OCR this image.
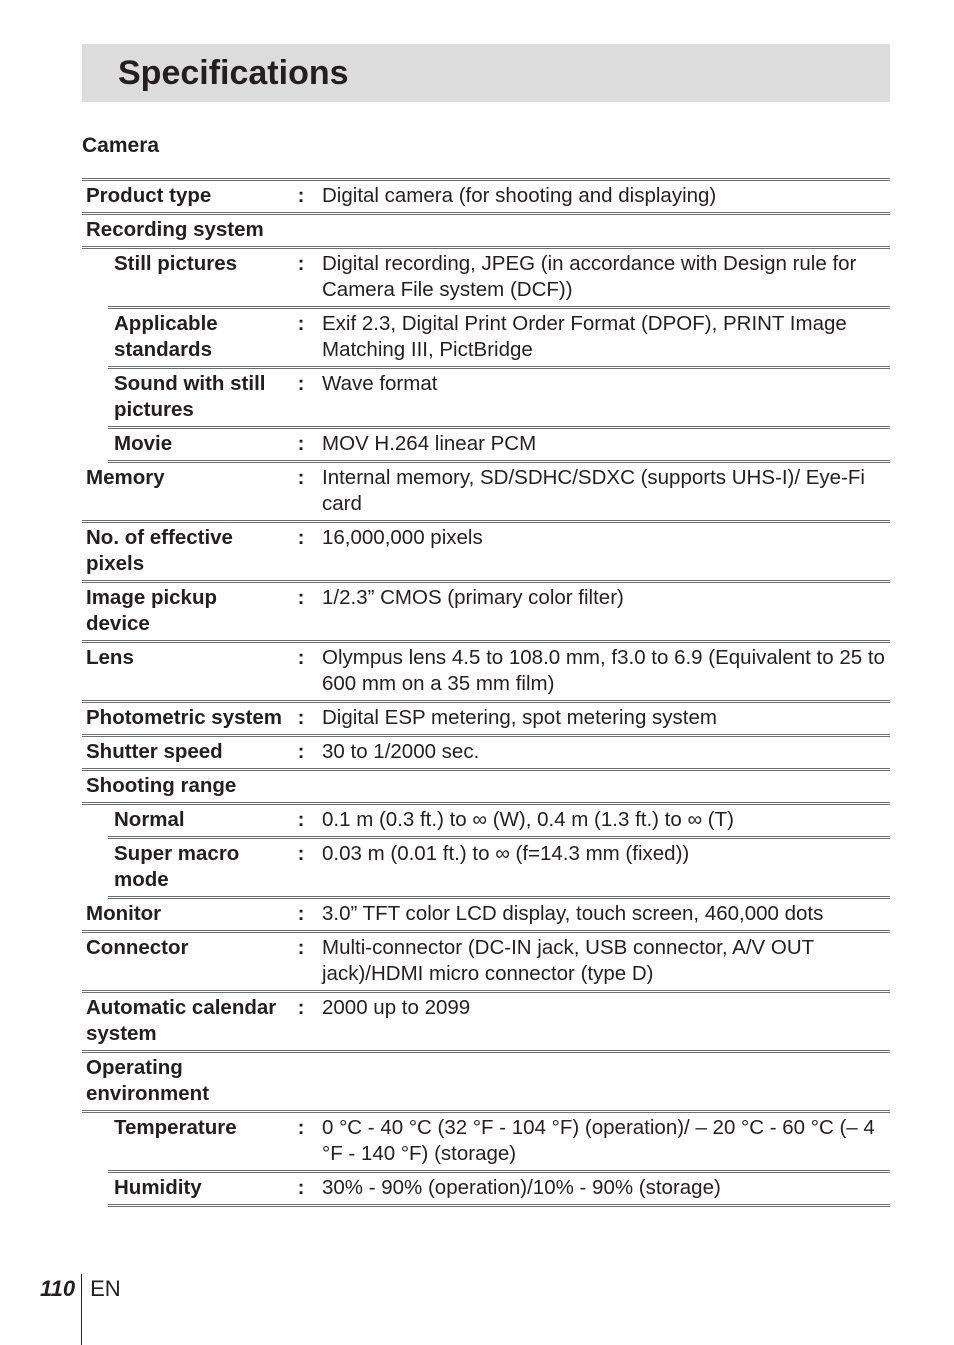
Specifications
Camera
Product type	: Digital camera (for shooting and displaying)
Recording system
Still pictures	: Digital recording, JPEG (in accordance with Design rule for Camera File system (DCF))
Applicable standards
: Exif 2.3, Digital Print Order Format (DPOF), PRINT Image Matching III, PictBridge
Sound with still pictures
: Wave format
Movie	: MOV H.264 linear PCM
Memory	: Internal memory, SD/SDHC/SDXC (supports UHS-I)/ Eye-Fi card
No. of effective pixels
: 16,000,000 pixels
Image pickup device
: 1/2.3” CMOS (primary color filter)
Lens	: Olympus lens 4.5 to 108.0 mm, f3.0 to 6.9 (Equivalent to 25 to 600 mm on a 35 mm film)
Photometric system : Digital ESP metering, spot metering system
Shutter speed	: 30 to 1/2000 sec.
Shooting range
Normal	: 0.1 m (0.3 ft.) to ∞ (W), 0.4 m (1.3 ft.) to ∞ (T)
Super macro mode
: 0.03 m (0.01 ft.) to ∞ (f=14.3 mm (fixed))
Monitor	: 3.0” TFT color LCD display, touch screen, 460,000 dots
Connector	: Multi-connector (DC-IN jack, USB connector, A/V OUT jack)/HDMI micro connector (type D)
Automatic calendar system
: 2000 up to 2099
Operating environment
Temperature	: 0 °C - 40 °C (32 °F - 104 °F) (operation)/ – 20 °C - 60 °C (– 4 °F - 140 °F) (storage)
Humidity	: 30% - 90% (operation)/10% - 90% (storage)
110 EN
